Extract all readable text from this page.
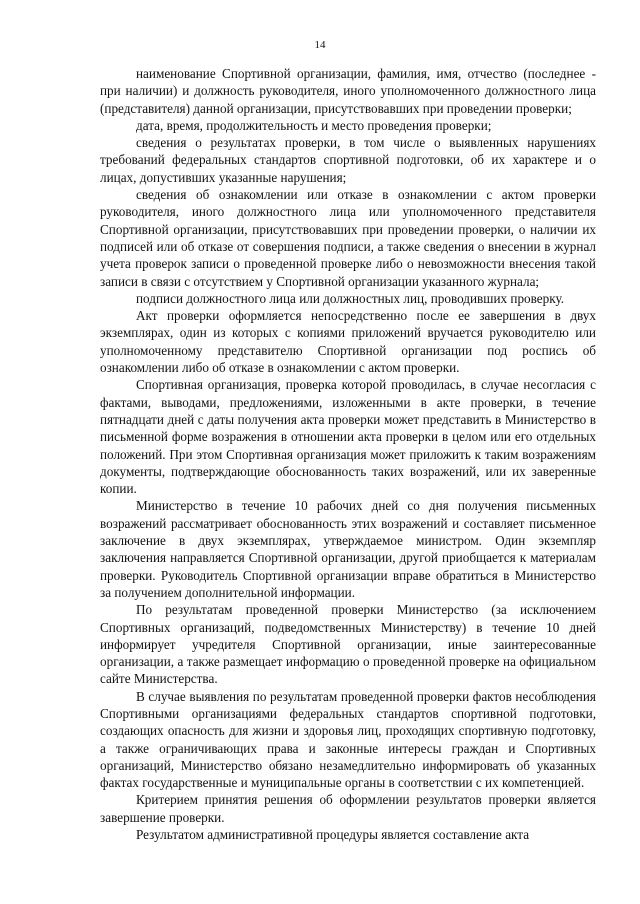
14

наименование Спортивной организации, фамилия, имя, отчество (последнее - при наличии) и должность руководителя, иного уполномоченного должностного лица (представителя) данной организации, присутствовавших при проведении проверки;

дата, время, продолжительность и место проведения проверки;

сведения о результатах проверки, в том числе о выявленных нарушениях требований федеральных стандартов спортивной подготовки, об их характере и о лицах, допустивших указанные нарушения;

сведения об ознакомлении или отказе в ознакомлении с актом проверки руководителя, иного должностного лица или уполномоченного представителя Спортивной организации, присутствовавших при проведении проверки, о наличии их подписей или об отказе от совершения подписи, а также сведения о внесении в журнал учета проверок записи о проведенной проверке либо о невозможности внесения такой записи в связи с отсутствием у Спортивной организации указанного журнала;

подписи должностного лица или должностных лиц, проводивших проверку.

Акт проверки оформляется непосредственно после ее завершения в двух экземплярах, один из которых с копиями приложений вручается руководителю или уполномоченному представителю Спортивной организации под роспись об ознакомлении либо об отказе в ознакомлении с актом проверки.

Спортивная организация, проверка которой проводилась, в случае несогласия с фактами, выводами, предложениями, изложенными в акте проверки, в течение пятнадцати дней с даты получения акта проверки может представить в Министерство в письменной форме возражения в отношении акта проверки в целом или его отдельных положений. При этом Спортивная организация может приложить к таким возражениям документы, подтверждающие обоснованность таких возражений, или их заверенные копии.

Министерство в течение 10 рабочих дней со дня получения письменных возражений рассматривает обоснованность этих возражений и составляет письменное заключение в двух экземплярах, утверждаемое министром. Один экземпляр заключения направляется Спортивной организации, другой приобщается к материалам проверки. Руководитель Спортивной организации вправе обратиться в Министерство за получением дополнительной информации.

По результатам проведенной проверки Министерство (за исключением Спортивных организаций, подведомственных Министерству) в течение 10 дней информирует учредителя Спортивной организации, иные заинтересованные организации, а также размещает информацию о проведенной проверке на официальном сайте Министерства.

В случае выявления по результатам проведенной проверки фактов несоблюдения Спортивными организациями федеральных стандартов спортивной подготовки, создающих опасность для жизни и здоровья лиц, проходящих спортивную подготовку, а также ограничивающих права и законные интересы граждан и Спортивных организаций, Министерство обязано незамедлительно информировать об указанных фактах государственные и муниципальные органы в соответствии с их компетенцией.

Критерием принятия решения об оформлении результатов проверки является завершение проверки.

Результатом административной процедуры является составление акта
